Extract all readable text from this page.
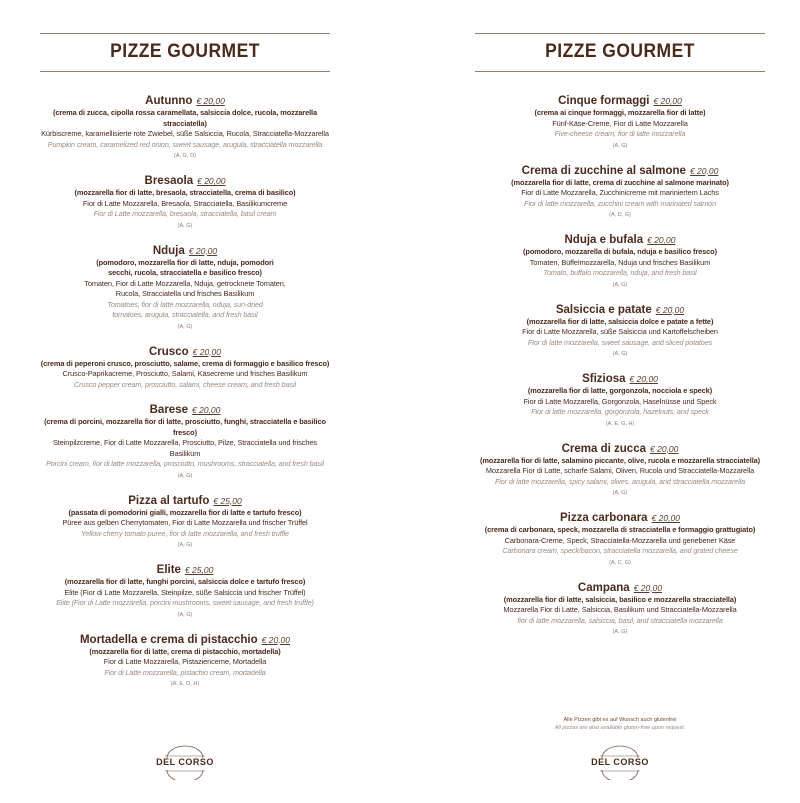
PIZZE GOURMET
Autunno € 20,00
(crema di zucca, cipolla rossa caramellata, salsiccia dolce, rucola, mozzarella stracciatella)
Kürbiscreme, karamellisierte rote Zwiebel, süße Salsiccia, Rucola, Stracciatella-Mozzarella
Pumpkin cream, caramelized red onion, sweet sausage, arugula, stracciatella mozzarella
(A, G, O)
Bresaola € 20,00
(mozzarella fior di latte, bresaola, stracciatella, crema di basilico)
Fior di Latte Mozzarella, Bresaola, Stracciatella, Basilikumcreme
Fior di Latte mozzarella, bresaola, stracciatella, basil cream
(A, G)
Nduja € 20,00
(pomodoro, mozzarella fior di latte, nduja, pomodori
secchi, rucola, stracciatella e basilico fresco)
Tomaten, Fior di Latte Mozzarella, Nduja, getrocknete Tomaten,
Rucola, Stracciatella und frisches Basilikum
Tomatoes, fior di latte mozzarella, nduja, sun-dried
tomatoes, arugula, stracciatella, and fresh basil
(A, G)
Crusco € 20,00
(crema di peperoni crusco, prosciutto, salame, crema di formaggio e basilico fresco)
Crusco-Paprikacreme, Prosciutto, Salami, Käsecreme und frisches Basilikum
Crusco pepper cream, prosciutto, salami, cheese cream, and fresh basil
Barese € 20,00
(crema di porcini, mozzarella fior di latte, prosciutto, funghi, stracciatella e basilico fresco)
Steinpilzcreme, Fior di Latte Mozzarella, Prosciutto, Pilze, Stracciatella und frisches Basilikum
Porcini cream, fior di latte mozzarella, prosciutto, mushrooms, stracciatella, and fresh basil
(A, G)
Pizza al tartufo € 25,00
(passata di pomodorini gialli, mozzarella fior di latte e tartufo fresco)
Püree aus gelben Cherrytomaten, Fior di Latte Mozzarella und frischer Trüffel
Yellow cherry tomato puree, fior di latte mozzarella, and fresh truffle
(A, G)
Elite € 25,00
(mozzarella fior di latte, funghi porcini, salsiccia dolce e tartufo fresco)
Elite (Fior di Latte Mozzarella, Steinpilze, süße Salsiccia und frischer Trüffel)
Elite (Fior di Latte mozzarella, porcini mushrooms, sweet sausage, and fresh truffle)
(A, G)
Mortadella e crema di pistacchio € 20,00
(mozzarella fior di latte, crema di pistacchio, mortadella)
Fior di Latte Mozzarella, Pistazienceme, Mortadella
Fior di Latte mozzarella, pistachio cream, mortadella
(A, E, O, H)
DEL CORSO
PIZZE GOURMET
Cinque formaggi € 20,00
(crema ai cinque formaggi, mozzarella fior di latte)
Fünf-Käse-Creme, Fior di Latte Mozzarella
Five-cheese cream, fior di latte mozzarella
(A, G)
Crema di zucchine al salmone € 20,00
(mozzarella fior di latte, crema di zucchine al salmone marinato)
Fior di Latte Mozzarella, Zucchinicreme mit mariniertem Lachs
Fior di latte mozzarella, zucchini cream with marinated salmon
(A, D, G)
Nduja e bufala € 20,00
(pomodoro, mozzarella di bufala, nduja e basilico fresco)
Tomaten, Büffelmozzarella, Nduja und frisches Basilikum
Tomato, buffalo mozzarella, nduja, and fresh basil
(A, G)
Salsiccia e patate € 20,00
(mozzarella fior di latte, salsiccia dolce e patate a fette)
Fior di Latte Mozzarella, süße Salsiccia und Kartoffelscheiben
Fior di latte mozzarella, sweet sausage, and sliced potatoes
(A, G)
Sfiziosa € 20,00
(mozzarella fior di latte, gorgonzola, nocciola e speck)
Fior di Latte Mozzarella, Gorgonzola, Haselnüsse und Speck
Fior di latte mozzarella, gorgonzola, hazelnuts, and speck
(A, E, G, H)
Crema di zucca € 20,00
(mozzarella fior di latte, salamino piccante, olive, rucola e mozzarella stracciatella)
Mozzarella Fior di Latte, scharfe Salami, Oliven, Rucola und Stracciatella-Mozzarella
Fior di latte mozzarella, spicy salami, olives, arugula, and stracciatella mozzarella
(A, G)
Pizza carbonara € 20,00
(crema di carbonara, speck, mozzarella di stracciatella e formaggio grattugiato)
Carbonara-Creme, Speck, Stracciatella-Mozzarella und geriebener Käse
Carbonara cream, speck/bacon, stracciatella mozzarella, and grated cheese
(A, C, G)
Campana € 20,00
(mozzarella fior di latte, salsiccia, basilico e mozzarella stracciatella)
Mozzarella Fior di Latte, Salsiccia, Basilikum und Stracciatella-Mozzarella
fior di latte mozzarella, salsiccia, basil, and stracciatella mozzarella
(A, G)
Alle Pizzen gibt es auf Wunsch auch glutenfrei
All pizzas are also available gluten-free upon request.
DEL CORSO
